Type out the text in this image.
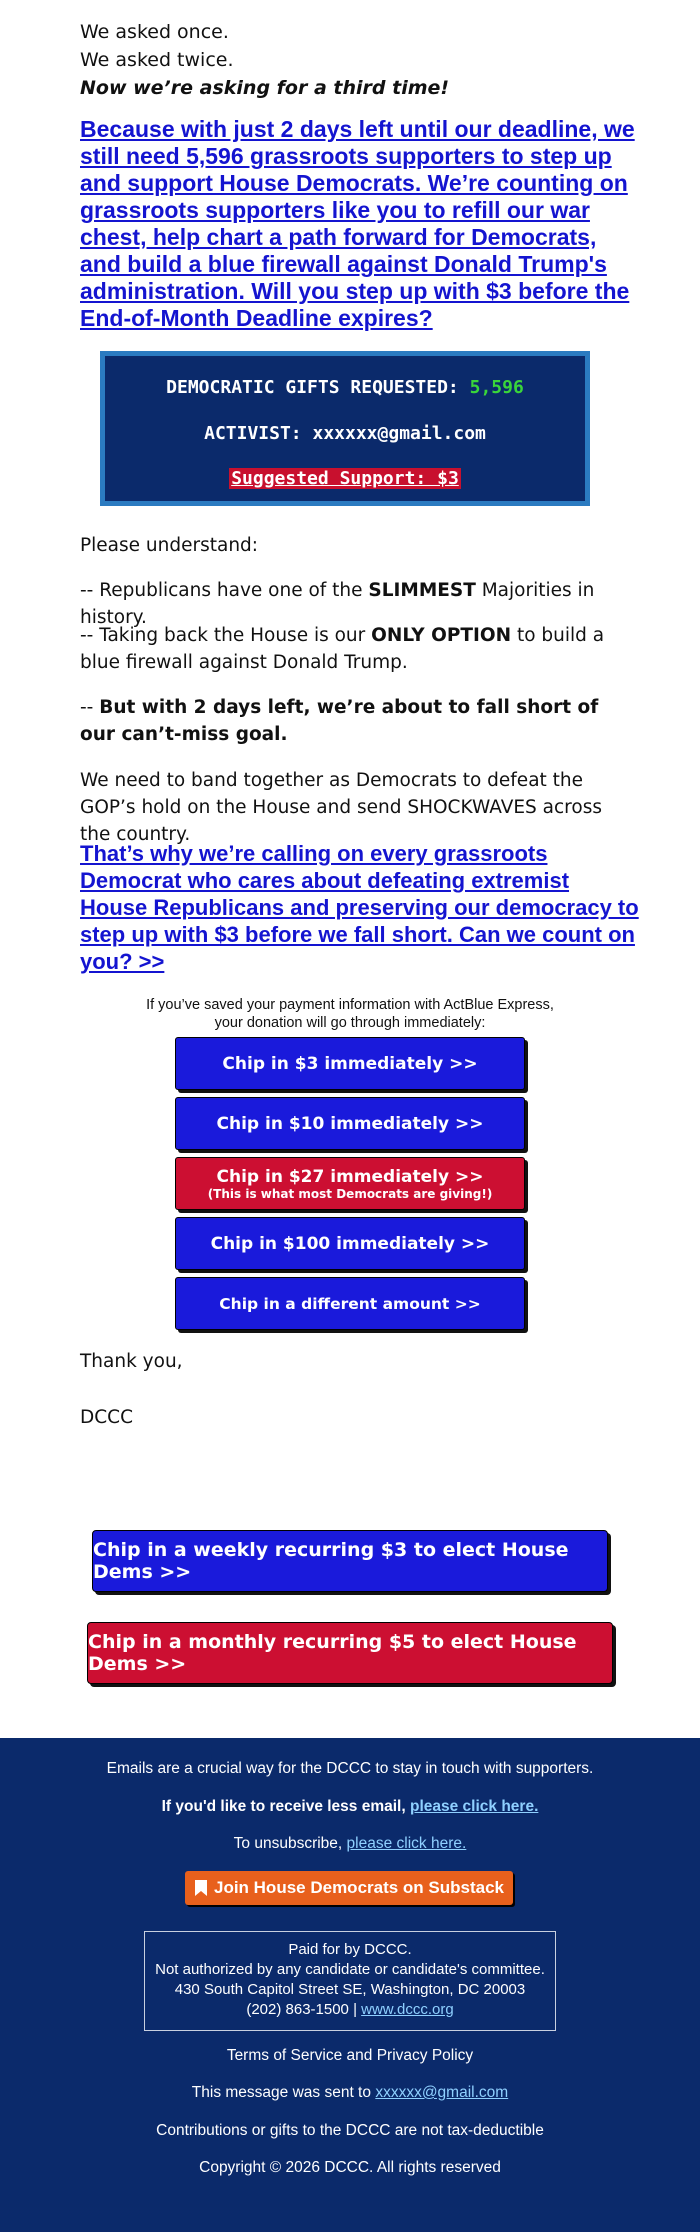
We asked once.
We asked twice.
Now we’re asking for a third time!
Because with just 2 days left until our deadline, we still need 5,596 grassroots supporters to step up and support House Democrats. We’re counting on grassroots supporters like you to refill our war chest, help chart a path forward for Democrats, and build a blue firewall against Donald Trump's administration. Will you step up with $3 before the End-of-Month Deadline expires?
DEMOCRATIC GIFTS REQUESTED: 5,596
ACTIVIST: xxxxxx@gmail.com
Suggested Support: $3
Please understand:
-- Republicans have one of the SLIMMEST Majorities in history.
-- Taking back the House is our ONLY OPTION to build a blue firewall against Donald Trump.
-- But with 2 days left, we’re about to fall short of our can’t-miss goal.
We need to band together as Democrats to defeat the GOP’s hold on the House and send SHOCKWAVES across the country.
That’s why we’re calling on every grassroots Democrat who cares about defeating extremist House Republicans and preserving our democracy to step up with $3 before we fall short. Can we count on you? >>
If you’ve saved your payment information with ActBlue Express,
your donation will go through immediately:
Chip in $3 immediately >>
Chip in $10 immediately >>
Chip in $27 immediately >>
(This is what most Democrats are giving!)
Chip in $100 immediately >>
Chip in a different amount >>
Thank you,
DCCC
Chip in a weekly recurring $3 to elect House Dems >>
Chip in a monthly recurring $5 to elect House Dems >>
Emails are a crucial way for the DCCC to stay in touch with supporters.
If you'd like to receive less email, please click here.
To unsubscribe, please click here.
Join House Democrats on Substack
Paid for by DCCC.
Not authorized by any candidate or candidate's committee.
430 South Capitol Street SE, Washington, DC 20003
(202) 863-1500 | www.dccc.org
Terms of Service and Privacy Policy
This message was sent to xxxxxx@gmail.com
Contributions or gifts to the DCCC are not tax-deductible
Copyright © 2026 DCCC. All rights reserved
